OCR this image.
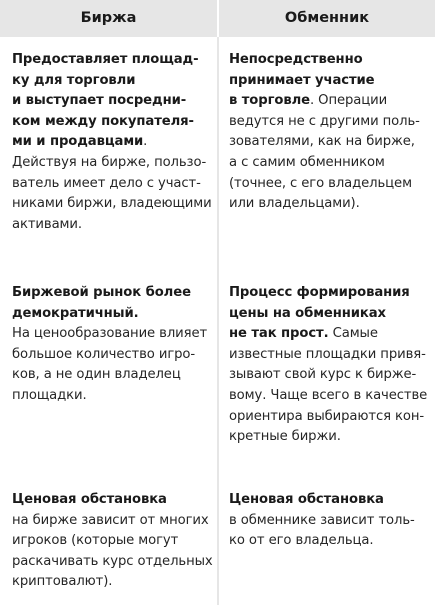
Биржа	Обменник
Предоставляет площад-
ку для торговли
и выступает посредни-
ком между покупателя-
ми и продавцами.
Действуя на бирже, пользо-
ватель имеет дело с участ-
никами биржи, владеющими
активами.
Непосредственно
принимает участие
в торговле. Операции
ведутся не с другими поль-
зователями, как на бирже,
а с самим обменником
(точнее, с его владельцем
или владельцами).
Биржевой рынок более
демократичный.
На ценообразование влияет
большое количество игро-
ков, а не один владелец
площадки.
Процесс формирования
цены на обменниках
не так прост. Самые
известные площадки привя-
зывают свой курс к бирже-
вому. Чаще всего в качестве
ориентира выбираются кон-
кретные биржи.
Ценовая обстановка
на бирже зависит от многих
игроков (которые могут
раскачивать курс отдельных
криптовалют).
Ценовая обстановка
в обменнике зависит толь-
ко от его владельца.
